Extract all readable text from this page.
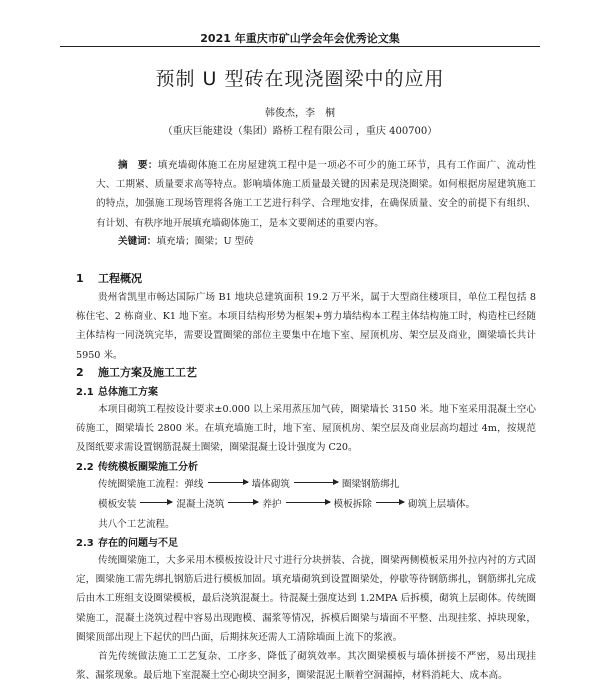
2021 年重庆市矿山学会年会优秀论文集
预制 U 型砖在现浇圈梁中的应用
韩俊杰，李　桐
（重庆巨能建设（集团）路桥工程有限公司 ，重庆 400700）
摘　要：填充墙砌体施工在房屋建筑工程中是一项必不可少的施工环节，具有工作面广、流动性大、工期紧、质量要求高等特点。影响墙体施工质量最关键的因素是现浇圈梁。如何根据房屋建筑施工的特点，加强施工现场管理将各施工工艺进行科学、合理地安排，在确保质量、安全的前提下有组织、有计划、有秩序地开展填充墙砌体施工，是本文要阐述的重要内容。
关键词：填充墙；圈梁；U 型砖
1 工程概况
贵州省凯里市畅达国际广场 B1 地块总建筑面积 19.2 万平米，属于大型商住楼项目，单位工程包括 8 栋住宅、2 栋商业、K1 地下室。本项目结构形势为框架+剪力墙结构本工程主体结构施工时，构造柱已经随主体结构一同浇筑完毕，需要设置圈梁的部位主要集中在地下室、屋顶机房、架空层及商业，圈梁墙长共计 5950 米。
2 施工方案及施工工艺
2.1 总体施工方案
本项目砌筑工程按设计要求±0.000 以上采用蒸压加气砖，圈梁墙长 3150 米。地下室采用混凝土空心砖施工，圈梁墙长 2800 米。在填充墙施工时，地下室、屋顶机房、架空层及商业层高均超过 4m，按规范及图纸要求需设置钢筋混凝土圈梁，圈梁混凝土设计强度为 C20。
2.2 传统模板圈梁施工分析
传统圈梁施工流程：弹线	墙体砌筑	圈梁钢筋绑扎
模板安装	混凝土浇筑	养护	模板拆除	砌筑上层墙体。
共八个工艺流程。
2.3 存在的问题与不足
传统圈梁施工，大多采用木模板按设计尺寸进行分块拼装、合拢，圈梁两侧模板采用外拉内衬的方式固定，圈梁施工需先绑扎钢筋后进行模板加固。填充墙砌筑到设置圈梁处，停歇等待钢筋绑扎，钢筋绑扎完成后由木工班组支设圈梁模板，最后浇筑混凝土。待混凝土强度达到 1.2MPA 后拆模，砌筑上层砌体。传统圈梁施工，混凝土浇筑过程中容易出现跑模、漏浆等情况，拆模后圈梁与墙面不平整、出现挂浆、掉块现象，圈梁顶部出现上下起伏的凹凸面，后期抹灰还需人工清除墙面上流下的浆液。
首先传统做法施工工艺复杂、工序多、降低了砌筑效率。其次圈梁模板与墙体拼接不严密，易出现挂浆、漏浆现象。最后地下室混凝土空心砌块空洞多，圈梁混泥土顺着空洞漏掉，材料消耗大、成本高。
